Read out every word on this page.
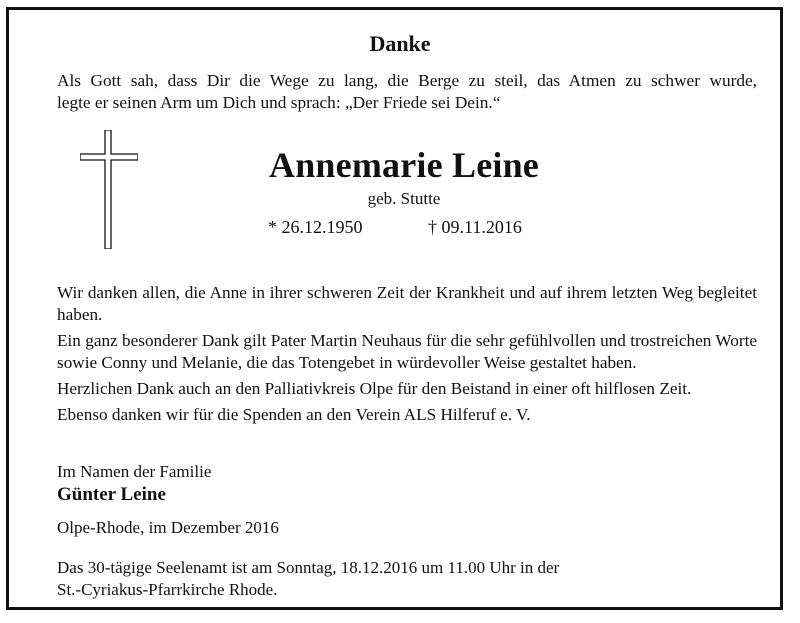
Danke
Als Gott sah, dass Dir die Wege zu lang, die Berge zu steil, das Atmen zu schwer wurde,
legte er seinen Arm um Dich und sprach: „Der Friede sei Dein.“
Annemarie Leine
geb. Stutte
* 26.12.1950	† 09.11.2016

Wir danken allen, die Anne in ihrer schweren Zeit der Krankheit und auf ihrem letzten Weg begleitet haben.

Ein ganz besonderer Dank gilt Pater Martin Neuhaus für die sehr gefühlvollen und trostreichen Worte sowie Conny und Melanie, die das Totengebet in würdevoller Weise gestaltet haben.

Herzlichen Dank auch an den Palliativkreis Olpe für den Beistand in einer oft hilflosen Zeit.

Ebenso danken wir für die Spenden an den Verein ALS Hilferuf e. V.

Im Namen der Familie
Günter Leine
Olpe-Rhode, im Dezember 2016
Das 30-tägige Seelenamt ist am Sonntag, 18.12.2016 um 11.00 Uhr in der
St.-Cyriakus-Pfarrkirche Rhode.
